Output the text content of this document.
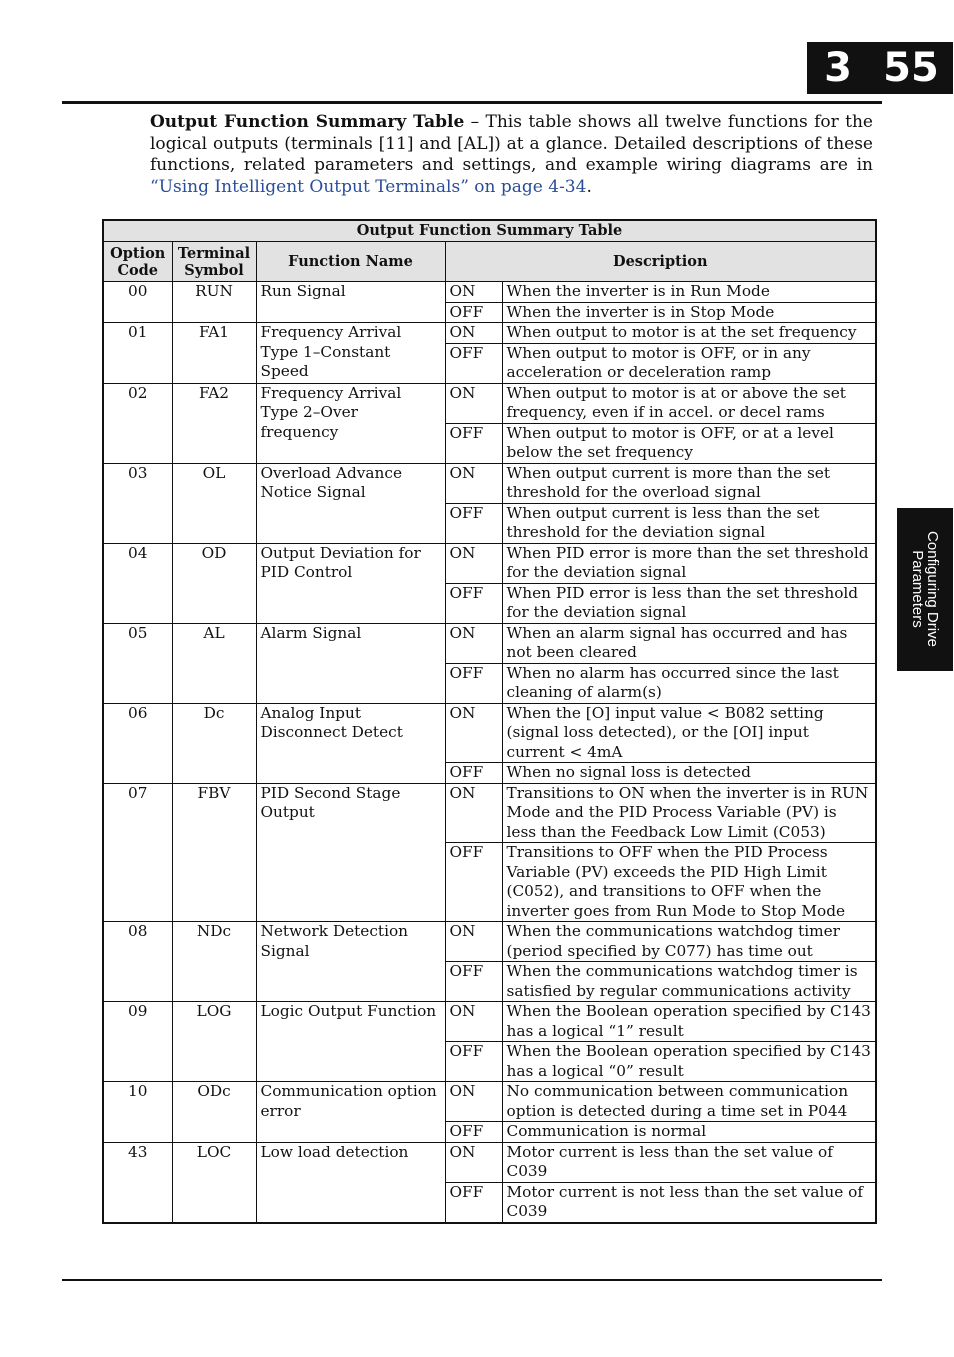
3 55
Configuring Drive
Parameters
Output Function Summary Table – This table shows all twelve functions for the logical outputs (terminals [11] and [AL]) at a glance. Detailed descriptions of these functions, related parameters and settings, and example wiring diagrams are in “Using Intelligent Output Terminals” on page 4-34.
Output Function Summary Table				
Option Code	Terminal Symbol	Function Name	Description	
00	RUN	Run Signal	ON	When the inverter is in Run Mode
			OFF	When the inverter is in Stop Mode
01	FA1	Frequency Arrival Type 1–Constant Speed	ON	When output to motor is at the set frequency
			OFF	When output to motor is OFF, or in any acceleration or deceleration ramp
02	FA2	Frequency Arrival Type 2–Over frequency	ON	When output to motor is at or above the set frequency, even if in accel. or decel rams
			OFF	When output to motor is OFF, or at a level below the set frequency
03	OL	Overload Advance Notice Signal	ON	When output current is more than the set threshold for the overload signal
			OFF	When output current is less than the set threshold for the deviation signal
04	OD	Output Deviation for PID Control	ON	When PID error is more than the set threshold for the deviation signal
			OFF	When PID error is less than the set threshold for the deviation signal
05	AL	Alarm Signal	ON	When an alarm signal has occurred and has not been cleared
			OFF	When no alarm has occurred since the last cleaning of alarm(s)
06	Dc	Analog Input Disconnect Detect	ON	When the [O] input value < B082 setting (signal loss detected), or the [OI] input current < 4mA
			OFF	When no signal loss is detected
07	FBV	PID Second Stage Output	ON	Transitions to ON when the inverter is in RUN Mode and the PID Process Variable (PV) is less than the Feedback Low Limit (C053)
			OFF	Transitions to OFF when the PID Process Variable (PV) exceeds the PID High Limit (C052), and transitions to OFF when the inverter goes from Run Mode to Stop Mode
08	NDc	Network Detection Signal	ON	When the communications watchdog timer (period specified by C077) has time out
			OFF	When the communications watchdog timer is satisfied by regular communications activity
09	LOG	Logic Output Function	ON	When the Boolean operation specified by C143 has a logical “1” result
			OFF	When the Boolean operation specified by C143 has a logical “0” result
10	ODc	Communication option error	ON	No communication between communication option is detected during a time set in P044
			OFF	Communication is normal
43	LOC	Low load detection	ON	Motor current is less than the set value of C039
			OFF	Motor current is not less than the set value of C039
